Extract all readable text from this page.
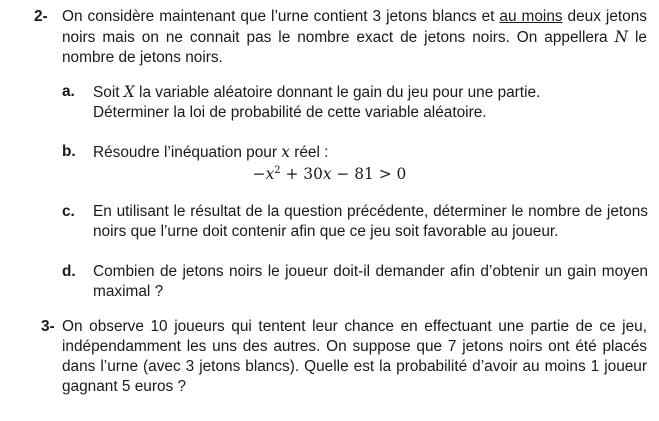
2- On considère maintenant que l’urne contient 3 jetons blancs et au moins deux jetons noirs mais on ne connait pas le nombre exact de jetons noirs. On appellera N le nombre de jetons noirs.
a. Soit X la variable aléatoire donnant le gain du jeu pour une partie.
Déterminer la loi de probabilité de cette variable aléatoire.
b. Résoudre l’inéquation pour x réel :
$-x^2 + 30x - 81 > 0$
c. En utilisant le résultat de la question précédente, déterminer le nombre de jetons noirs que l’urne doit contenir afin que ce jeu soit favorable au joueur.
d. Combien de jetons noirs le joueur doit-il demander afin d’obtenir un gain moyen maximal ?
3- On observe 10 joueurs qui tentent leur chance en effectuant une partie de ce jeu, indépendamment les uns des autres. On suppose que 7 jetons noirs ont été placés dans l’urne (avec 3 jetons blancs). Quelle est la probabilité d’avoir au moins 1 joueur gagnant 5 euros ?
